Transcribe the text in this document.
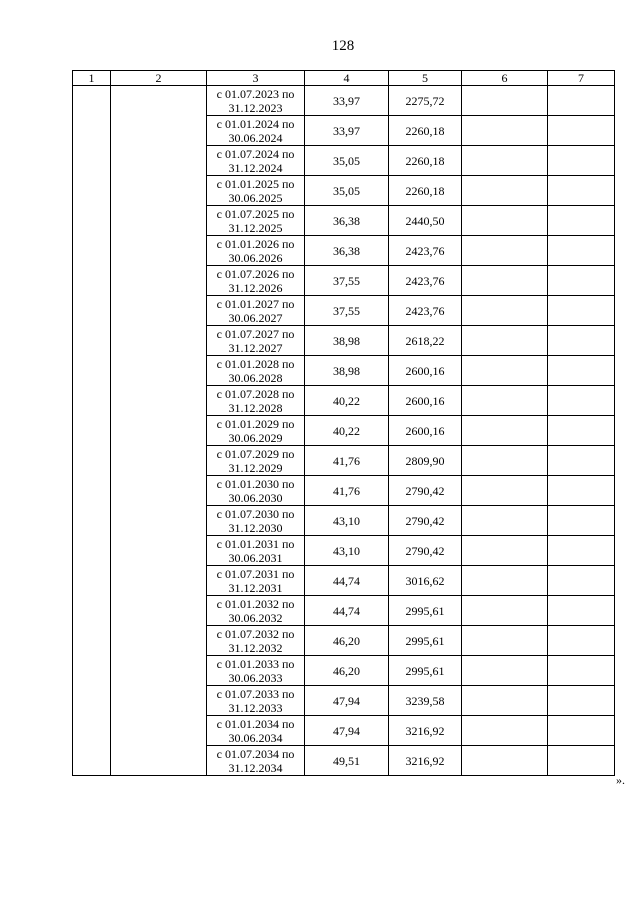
128
1	2	3	4	5	6	7
		с 01.07.2023 по 31.12.2023	33,97	2275,72		
		с 01.01.2024 по 30.06.2024	33,97	2260,18		
		с 01.07.2024 по 31.12.2024	35,05	2260,18		
		с 01.01.2025 по 30.06.2025	35,05	2260,18		
		с 01.07.2025 по 31.12.2025	36,38	2440,50		
		с 01.01.2026 по 30.06.2026	36,38	2423,76		
		с 01.07.2026 по 31.12.2026	37,55	2423,76		
		с 01.01.2027 по 30.06.2027	37,55	2423,76		
		с 01.07.2027 по 31.12.2027	38,98	2618,22		
		с 01.01.2028 по 30.06.2028	38,98	2600,16		
		с 01.07.2028 по 31.12.2028	40,22	2600,16		
		с 01.01.2029 по 30.06.2029	40,22	2600,16		
		с 01.07.2029 по 31.12.2029	41,76	2809,90		
		с 01.01.2030 по 30.06.2030	41,76	2790,42		
		с 01.07.2030 по 31.12.2030	43,10	2790,42		
		с 01.01.2031 по 30.06.2031	43,10	2790,42		
		с 01.07.2031 по 31.12.2031	44,74	3016,62		
		с 01.01.2032 по 30.06.2032	44,74	2995,61		
		с 01.07.2032 по 31.12.2032	46,20	2995,61		
		с 01.01.2033 по 30.06.2033	46,20	2995,61		
		с 01.07.2033 по 31.12.2033	47,94	3239,58		
		с 01.01.2034 по 30.06.2034	47,94	3216,92		
		с 01.07.2034 по 31.12.2034	49,51	3216,92		
».
